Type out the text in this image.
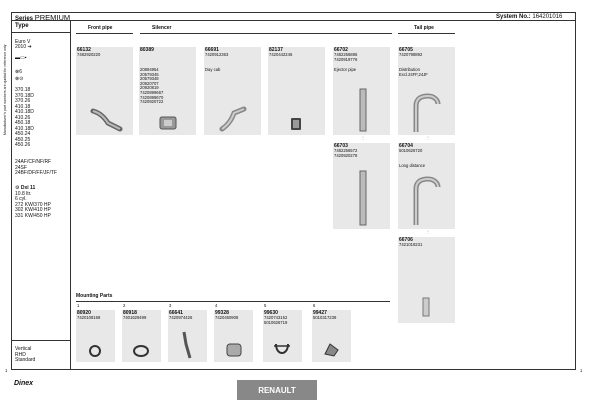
Series PREMIUM	System No.: 164201016
Manufacturer's part numbers are quoted for reference only
Type
Euro V
2010 ➔
▬▭▪
⊗6
⊗⊙
370.18
370.18D
370.26
410.18
410.18D
410.26
450.18
410.18D
450.24
450.25
450.26
24AF/CF/NF/RF
24SF
24BF/DF/FF/JF/TF
⚙ Dxi 11
10.8 ltr.
6 cyl.
272 KW/370 HP
302 KW/410 HP
331 KW/450 HP
Vertical
RHD
Standard
Front pipe	Silencer	Tail pipe
66132
7482920220
80389
20894954
20579345
20579348
20920707
20920819
7420899667
7420899670
7420920722
66691
7420912363
Day cab
82137
7420442246
66702
7482256886
7420919776
Ejector pipe
66705
7420798892
Distribution
Excl.24FF,24JF
⋮
66703
7482256572
7420920278
⋮
66704
5010626720
Long distance
⋮
66706
7421019231
Mounting Parts
1
80920
7420108168
2
80918
7401629499
3
66641
7420974426
4
99328
7420450908
5
99630
7420743152
5010626719
6
99427
5010317239
1	1
Dinex
RENAULT
